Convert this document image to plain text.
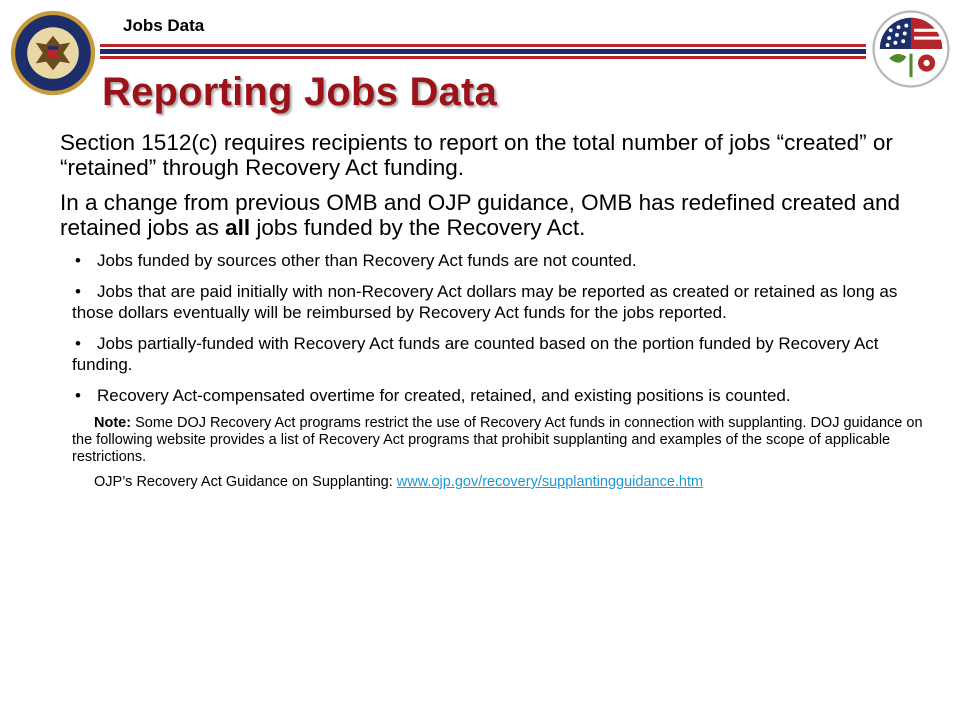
Jobs Data
Reporting Jobs Data

Section 1512(c) requires recipients to report on the total number of jobs “created” or “retained” through Recovery Act funding.

In a change from previous OMB and OJP guidance, OMB has redefined created and retained jobs as all jobs funded by the Recovery Act.

• Jobs funded by sources other than Recovery Act funds are not counted.
• Jobs that are paid initially with non-Recovery Act dollars may be reported as created or retained as long as those dollars eventually will be reimbursed by Recovery Act funds for the jobs reported.
• Jobs partially-funded with Recovery Act funds are counted based on the portion funded by Recovery Act funding.
• Recovery Act-compensated overtime for created, retained, and existing positions is counted.

Note: Some DOJ Recovery Act programs restrict the use of Recovery Act funds in connection with supplanting. DOJ guidance on the following website provides a list of Recovery Act programs that prohibit supplanting and examples of the scope of applicable restrictions.

OJP’s Recovery Act Guidance on Supplanting: www.ojp.gov/recovery/supplantingguidance.htm
